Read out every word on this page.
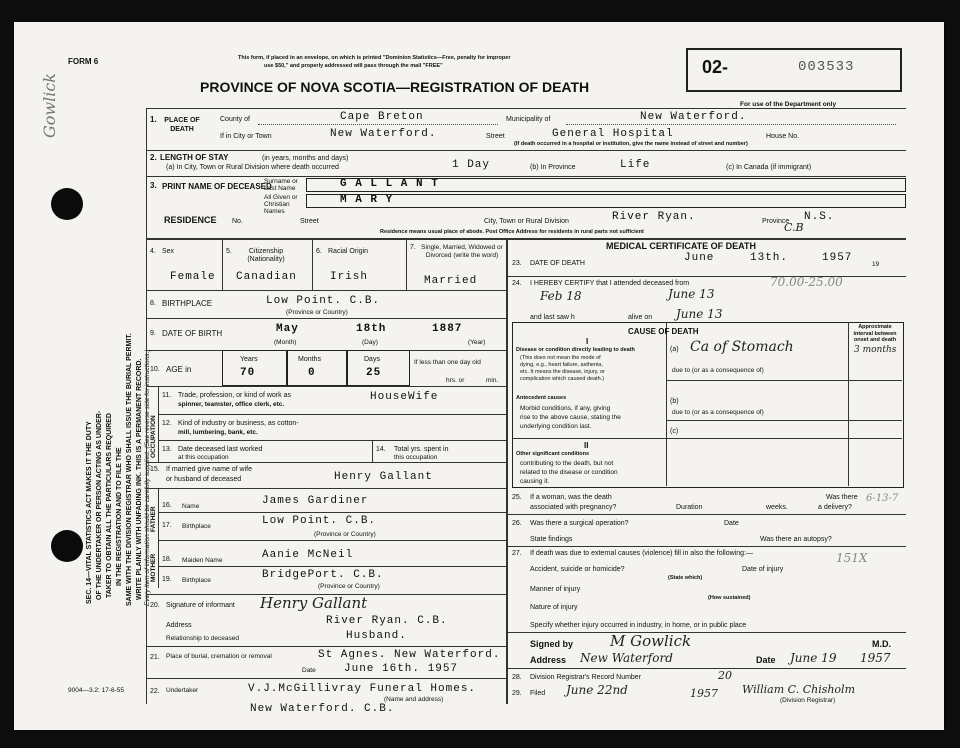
FORM 6	This form, if placed in an envelope, on which is printed "Dominion Statistics—Free, penalty for improper
use $50," and properly addressed will pass through the mail "FREE"
PROVINCE OF NOVA SCOTIA—REGISTRATION OF DEATH
02-	003533
For use of the Department only
SEC. 14—VITAL STATISTICS ACT MAKES IT THE DUTY OF THE UNDERTAKER OR PERSON ACTING AS UNDER- TAKER TO OBTAIN ALL THE PARTICULARS REQUIRED IN THE REGISTRATION AND TO FILE THE SAME WITH THE DIVISION REGISTRAR WHO SHALL ISSUE THE BURIAL PERMIT. WRITE PLAINLY WITH UNFADING INK. THIS IS A PERMANENT RECORD. Every item of information should be carefully supplied. (See reverse side for instructions.)
Gowlick
9004—3.2: 17-6-55
1.	PLACE OF DEATH
County of	Cape Breton	Municipality of	New Waterford.
If in City or Town	New Waterford.	Street	General Hospital	House No.
(If death occurred in a hospital or institution, give the name instead of street and number)
2. LENGTH OF STAY	(in years, months and days)
(a) In City, Town or Rural Division where death occurred	1 Day	(b) In Province	Life	(c) In Canada (if immigrant)
3. PRINT NAME OF DECEASED
Surname or Last Name	G A L L A N T
All Given or Christian Names
M A R Y
RESIDENCE No.	Street	City, Town or Rural Division	River Ryan.	Province N.S.
C.B
Residence means usual place of abode. Post Office Address for residents in rural parts not sufficient
4. Sex
Female
5.	Citizenship (Nationality)
Canadian
6. Racial Origin
Irish
7. Single, Married, Widowed or Divorced (write the word)
Married
8. BIRTHPLACE	Low Point. C.B.
(Province or Country)
9. DATE OF BIRTH	May	18th	1887
(Month)	(Day)	(Year)
10. AGE in
Years	Months	Days
70	0	25
If less than one day old
hrs. or	min.
OCCUPATION
11. Trade, profession, or kind of work as
spinner, teamster, office clerk, etc.
HouseWife
12. Kind of industry or business, as cotton-
mill, lumbering, bank, etc.
13. Date deceased last worked
at this occupation
14. Total yrs. spent in
this occupation
15. If married give name of wife
or husband of deceased	Henry Gallant
FATHER
MOTHER
16. Name	James Gardiner
17. Birthplace	Low Point. C.B.
(Province or Country)
18. Maiden Name	Aanie McNeil
19. Birthplace	BridgePort. C.B.
(Province or Country)
20. Signature of informant Henry Gallant
Address	River Ryan. C.B.
Relationship to deceased	Husband.
21. Place of burial, cremation or removal	St Agnes. New Waterford.
Date	June 16th. 1957
22. Undertaker	V.J.McGillivray Funeral Homes.
(Name and address)
New Waterford. C.B.
MEDICAL CERTIFICATE OF DEATH
23. DATE OF DEATH	June	13th.	1957
19
24. I HEREBY CERTIFY that I attended deceased from
Feb 18	June 13
70.00-25.00
and last saw h	alive on June 13
CAUSE OF DEATH	Approximate interval between onset and death
I
Disease or condition directly leading to death
(This does not mean the mode of
dying, e.g., heart failure, asthenia,
etc. It means the disease, injury, or
complication which caused death.)
(a) Ca of Stomach	3 months
due to (or as a consequence of)
Antecedent causes
Morbid conditions, if any, giving
rise to the above cause, stating the
underlying condition last.
(b)
due to (or as a consequence of)
(c)
II
Other significant conditions
contributing to the death, but not
related to the disease or condition
causing it.
25. If a woman, was the death
associated with pregnancy?	Duration	weeks.
Was there
a delivery?
6-13-7
26. Was there a surgical operation?	Date
State findings	Was there an autopsy?
27. If death was due to external causes (violence) fill in also the following:—
Accident, suicide or homicide?	Date of injury
151X
(State which)
Manner of injury
(How sustained)
Nature of injury
Specify whether injury occurred in industry, in home, or in public place
Signed by M Gowlick	M.D.
Address New Waterford	Date June 19 1957
28. Division Registrar's Record Number	20
29. Filed June 22nd	1957 William C. Chisholm
(Division Registrar)
